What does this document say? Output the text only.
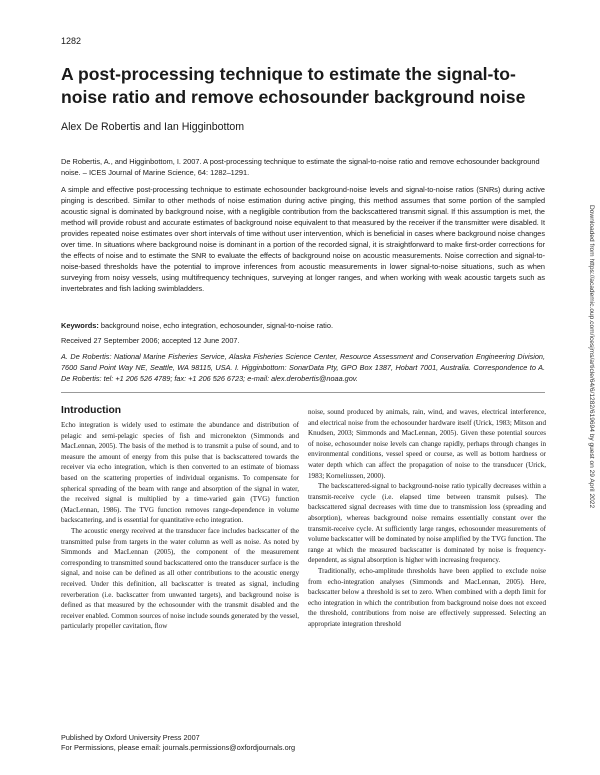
1282
A post-processing technique to estimate the signal-to-noise ratio and remove echosounder background noise
Alex De Robertis and Ian Higginbottom
De Robertis, A., and Higginbottom, I. 2007. A post-processing technique to estimate the signal-to-noise ratio and remove echosounder background noise. – ICES Journal of Marine Science, 64: 1282–1291.
A simple and effective post-processing technique to estimate echosounder background-noise levels and signal-to-noise ratios (SNRs) during active pinging is described. Similar to other methods of noise estimation during active pinging, this method assumes that some portion of the sampled acoustic signal is dominated by background noise, with a negligible contribution from the backscattered transmit signal. If this assumption is met, the method will provide robust and accurate estimates of background noise equivalent to that measured by the receiver if the transmitter were disabled. It provides repeated noise estimates over short intervals of time without user intervention, which is beneficial in cases where background noise changes over time. In situations where background noise is dominant in a portion of the recorded signal, it is straightforward to make first-order corrections for the effects of noise and to estimate the SNR to evaluate the effects of background noise on acoustic measurements. Noise correction and signal-to-noise-based thresholds have the potential to improve inferences from acoustic measurements in lower signal-to-noise situations, such as when surveying from noisy vessels, using multifrequency techniques, surveying at longer ranges, and when working with weak acoustic targets such as invertebrates and fish lacking swimbladders.
Keywords: background noise, echo integration, echosounder, signal-to-noise ratio.
Received 27 September 2006; accepted 12 June 2007.
A. De Robertis: National Marine Fisheries Service, Alaska Fisheries Science Center, Resource Assessment and Conservation Engineering Division, 7600 Sand Point Way NE, Seattle, WA 98115, USA. I. Higginbottom: SonarData Pty, GPO Box 1387, Hobart 7001, Australia. Correspondence to A. De Robertis: tel: +1 206 526 4789; fax: +1 206 526 6723; e-mail: alex.derobertis@noaa.gov.
Introduction

Echo integration is widely used to estimate the abundance and distribution of pelagic and semi-pelagic species of fish and micronekton (Simmonds and MacLennan, 2005). The basis of the method is to transmit a pulse of sound, and to measure the amount of energy from this pulse that is backscattered towards the receiver via echo integration, which is then converted to an estimate of biomass based on the scattering properties of individual organisms. To compensate for spherical spreading of the beam with range and absorption of the signal in water, the received signal is multiplied by a time-varied gain (TVG) function (MacLennan, 1986). The TVG function removes range-dependence in volume backscattering, and is essential for quantitative echo integration.

The acoustic energy received at the transducer face includes backscatter of the transmitted pulse from targets in the water column as well as noise. As noted by Simmonds and MacLennan (2005), the component of the measurement corresponding to transmitted sound backscattered onto the transducer surface is the signal, and noise can be defined as all other contributions to the acoustic energy received. Under this definition, all backscatter is treated as signal, including reverberation (i.e. backscatter from unwanted targets), and background noise is defined as that measured by the echosounder with the transmit disabled and the receiver enabled. Common sources of noise include sounds generated by the vessel, particularly propeller cavitation, flow

noise, sound produced by animals, rain, wind, and waves, electrical interference, and electrical noise from the echosounder hardware itself (Urick, 1983; Mitson and Knudsen, 2003; Simmonds and MacLennan, 2005). Given these potential sources of noise, echosounder noise levels can change rapidly, perhaps through changes in environmental conditions, vessel speed or course, as well as bottom hardness or water depth which can affect the propagation of noise to the transducer (Urick, 1983; Korneliussen, 2000).

The backscattered-signal to background-noise ratio typically decreases within a transmit-receive cycle (i.e. elapsed time between transmit pulses). The backscattered signal decreases with time due to transmission loss (spreading and absorption), whereas background noise remains essentially constant over the transmit-receive cycle. At sufficiently large ranges, echosounder measurements of volume backscatter will be dominated by noise amplified by the TVG function. The range at which the measured backscatter is dominated by noise is frequency-dependent, as signal absorption is higher with increasing frequency.

Traditionally, echo-amplitude thresholds have been applied to exclude noise from echo-integration analyses (Simmonds and MacLennan, 2005). Here, backscatter below a threshold is set to zero. When combined with a depth limit for echo integration in which the contribution from background noise does not exceed the threshold, contributions from noise are effectively suppressed. Selecting an appropriate integration threshold

Published by Oxford University Press 2007
For Permissions, please email: journals.permissions@oxfordjournals.org
Downloaded from https://academic.oup.com/icesjms/article/64/6/1282/619694 by guest on 29 April 2022
